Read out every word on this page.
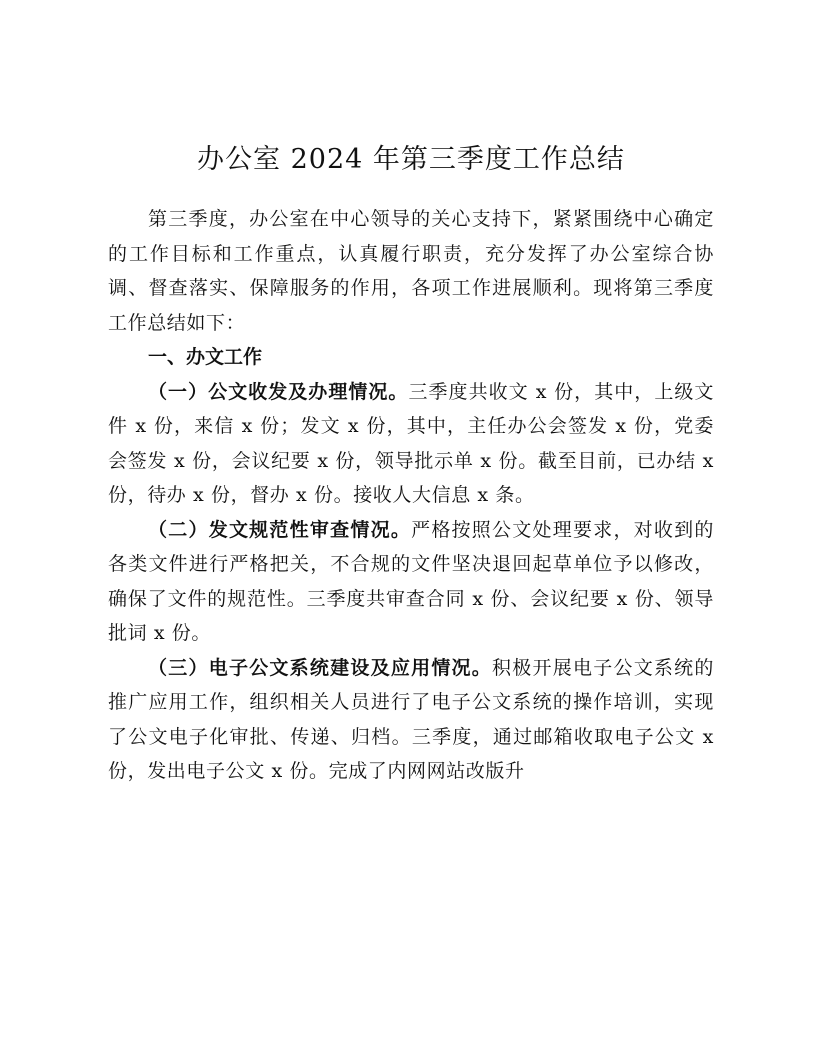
办公室 2024 年第三季度工作总结

第三季度，办公室在中心领导的关心支持下，紧紧围绕中心确定的工作目标和工作重点，认真履行职责，充分发挥了办公室综合协调、督查落实、保障服务的作用，各项工作进展顺利。现将第三季度工作总结如下：

一、办文工作

（一）公文收发及办理情况。三季度共收文 x 份，其中，上级文件 x 份，来信 x 份；发文 x 份，其中，主任办公会签发 x 份，党委会签发 x 份，会议纪要 x 份，领导批示单 x 份。截至目前，已办结 x 份，待办 x 份，督办 x 份。接收人大信息 x 条。

（二）发文规范性审查情况。严格按照公文处理要求，对收到的各类文件进行严格把关，不合规的文件坚决退回起草单位予以修改，确保了文件的规范性。三季度共审查合同 x 份、会议纪要 x 份、领导批词 x 份。

（三）电子公文系统建设及应用情况。积极开展电子公文系统的推广应用工作，组织相关人员进行了电子公文系统的操作培训，实现了公文电子化审批、传递、归档。三季度，通过邮箱收取电子公文 x 份，发出电子公文 x 份。完成了内网网站改版升
